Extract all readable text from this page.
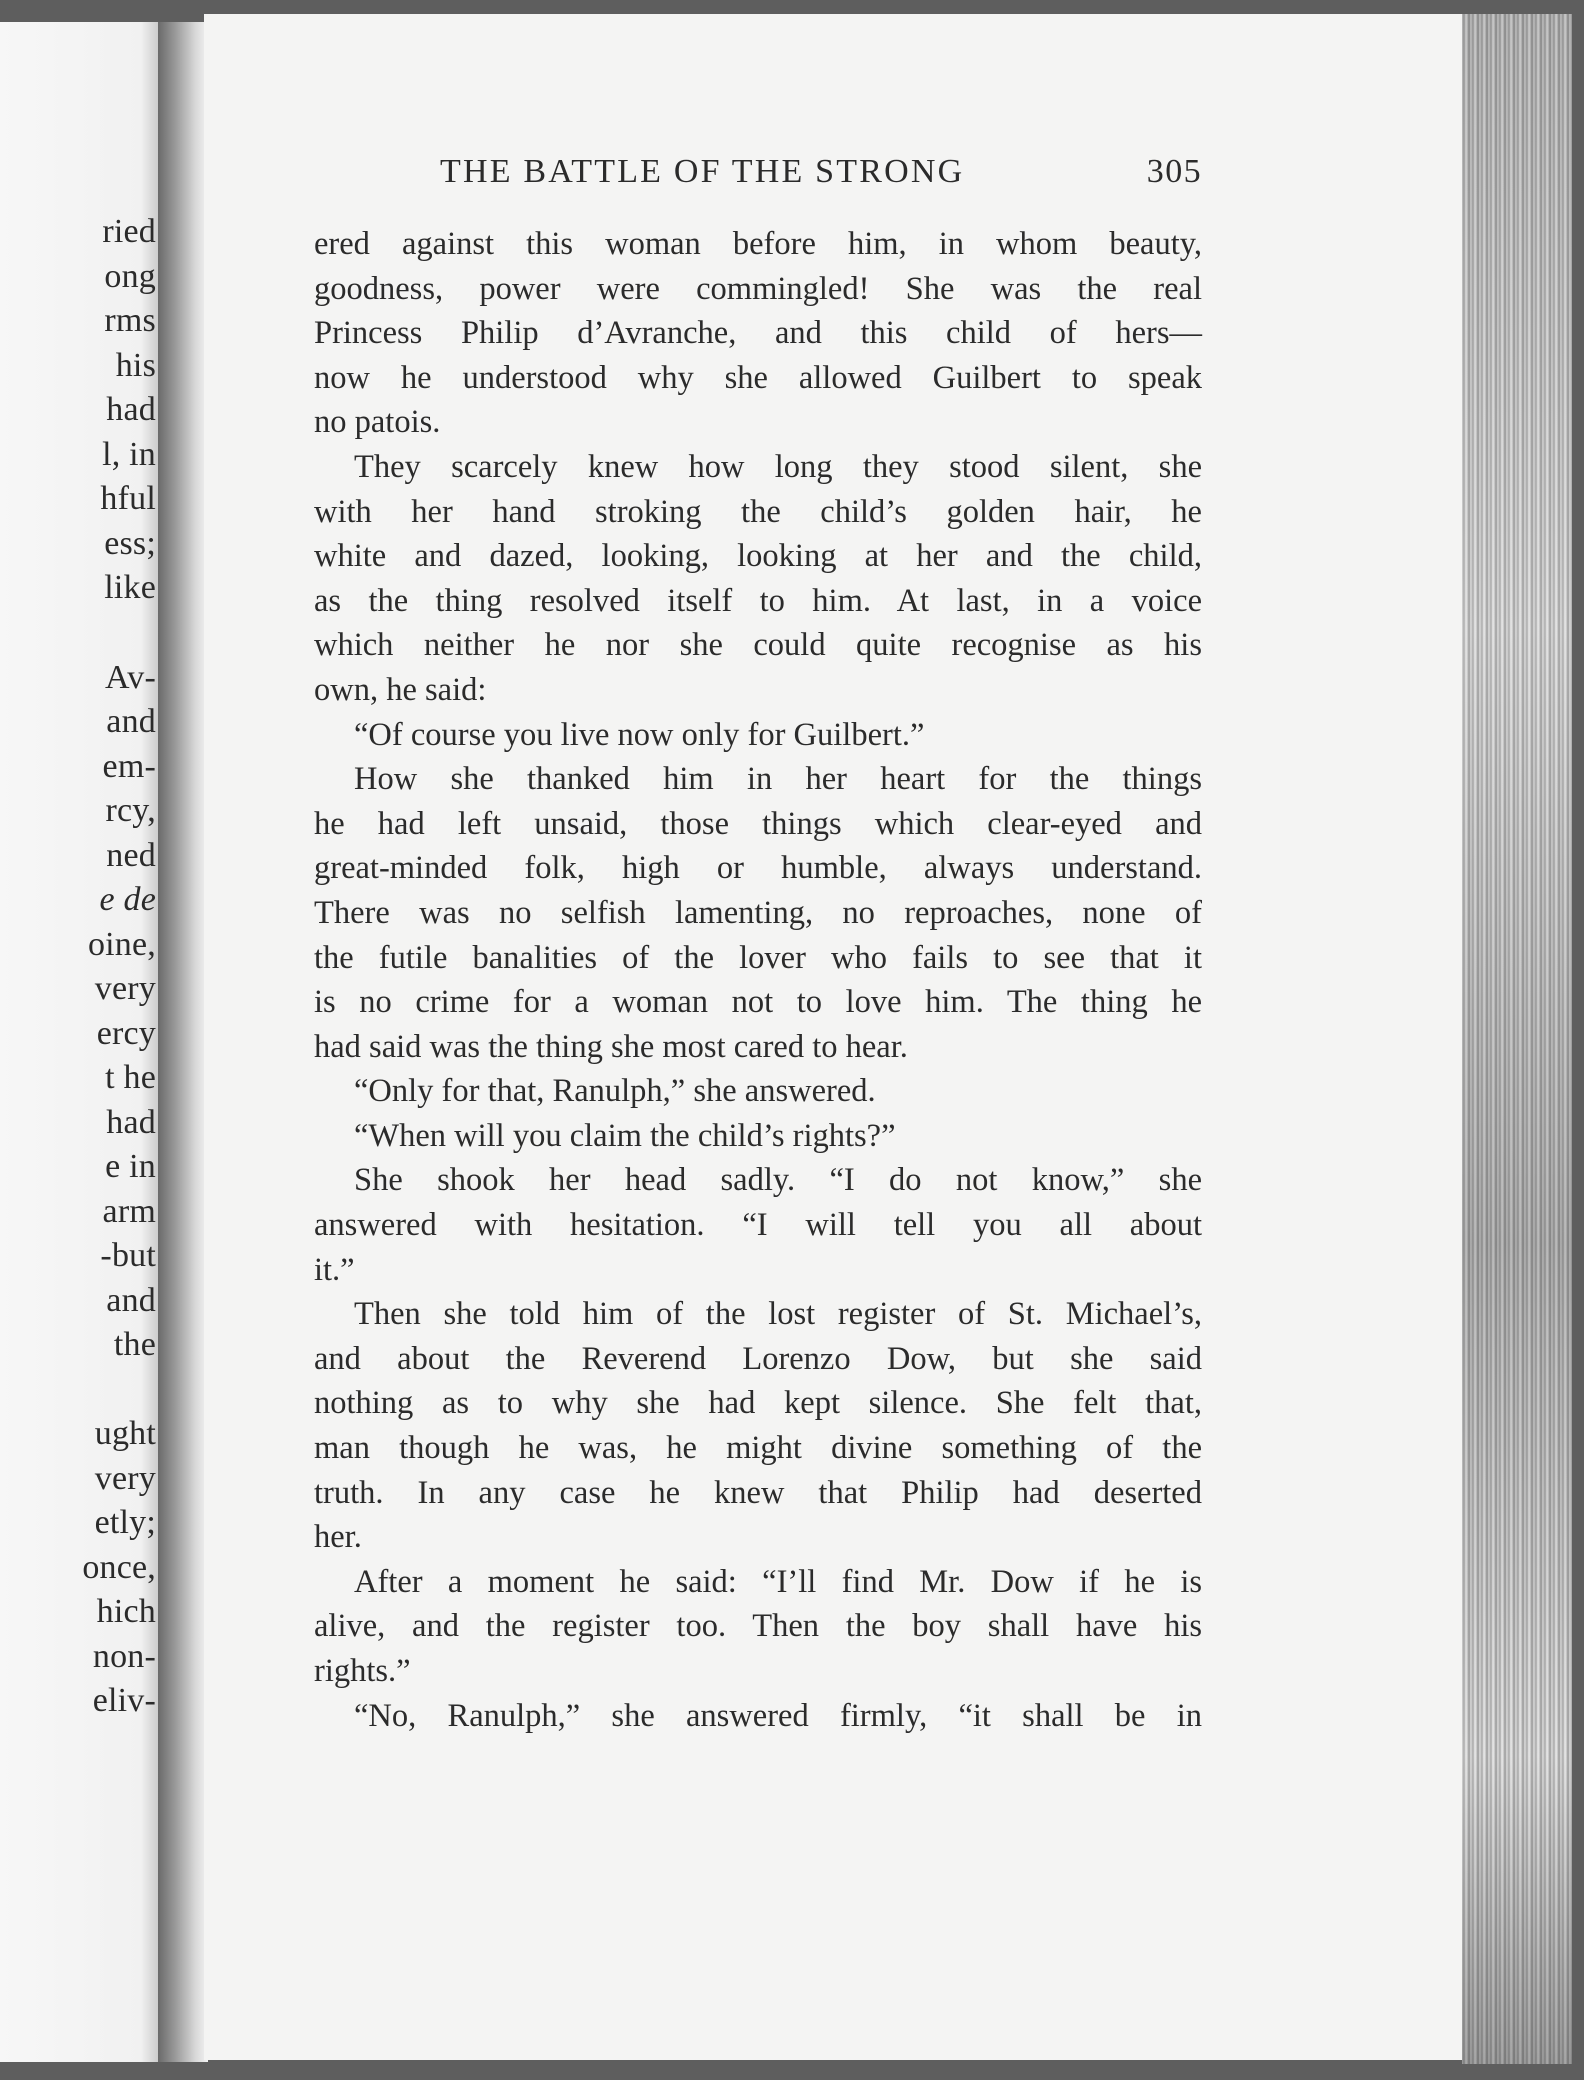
ried
ong
rms
his
had
l, in
hful
ess;
like
Av-
and
em-
rcy,
ned
e de
oine,
very
ercy
t he
had
e in
arm
-but
and
the
ught
very
etly;
once,
hich
non-
eliv-
THE BATTLE OF THE STRONG	305
ered against this woman before him, in whom beauty,
goodness, power were commingled! She was the real
Princess Philip d’Avranche, and this child of hers—
now he understood why she allowed Guilbert to speak
no patois.
They scarcely knew how long they stood silent, she
with her hand stroking the child’s golden hair, he
white and dazed, looking, looking at her and the child,
as the thing resolved itself to him. At last, in a voice
which neither he nor she could quite recognise as his
own, he said:
“Of course you live now only for Guilbert.”
How she thanked him in her heart for the things
he had left unsaid, those things which clear-eyed and
great-minded folk, high or humble, always understand.
There was no selfish lamenting, no reproaches, none of
the futile banalities of the lover who fails to see that it
is no crime for a woman not to love him. The thing he
had said was the thing she most cared to hear.
“Only for that, Ranulph,” she answered.
“When will you claim the child’s rights?”
She shook her head sadly. “I do not know,” she
answered with hesitation. “I will tell you all about
it.”
Then she told him of the lost register of St. Michael’s,
and about the Reverend Lorenzo Dow, but she said
nothing as to why she had kept silence. She felt that,
man though he was, he might divine something of the
truth. In any case he knew that Philip had deserted
her.
After a moment he said: “I’ll find Mr. Dow if he is
alive, and the register too. Then the boy shall have his
rights.”
“No, Ranulph,” she answered firmly, “it shall be in
